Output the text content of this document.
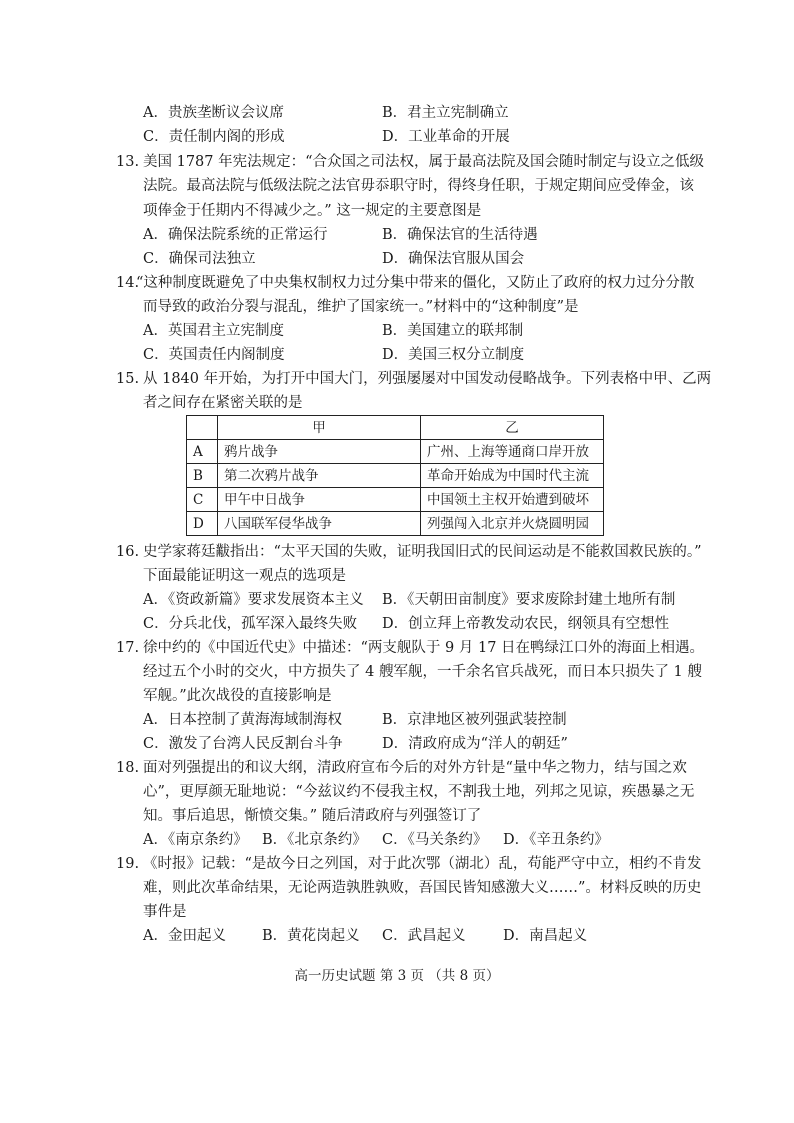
A．贵族垄断议会议席	B．君主立宪制确立
C．责任制内阁的形成	D．工业革命的开展
13. 美国 1787 年宪法规定：“合众国之司法权，属于最高法院及国会随时制定与设立之低级
法院。最高法院与低级法院之法官毋忝职守时，得终身任职，于规定期间应受俸金，该
项俸金于任期内不得减少之。” 这一规定的主要意图是
A．确保法院系统的正常运行	B．确保法官的生活待遇
C．确保司法独立	D．确保法官服从国会
14.
“这种制度既避免了中央集权制权力过分集中带来的僵化，又防止了政府的权力过分分散
而导致的政治分裂与混乱，维护了国家统一。”材料中的“这种制度”是
A．英国君主立宪制度	B．美国建立的联邦制
C．英国责任内阁制度	D．美国三权分立制度
15. 从 1840 年开始，为打开中国大门，列强屡屡对中国发动侵略战争。下列表格中甲、乙两
者之间存在紧密关联的是
	甲	乙
A	鸦片战争	广州、上海等通商口岸开放
B	第二次鸦片战争	革命开始成为中国时代主流
C	甲午中日战争	中国领土主权开始遭到破坏
D	八国联军侵华战争	列强闯入北京并火烧圆明园
16. 史学家蒋廷黻指出：“太平天国的失败，证明我国旧式的民间运动是不能救国救民族的。”
下面最能证明这一观点的选项是
A．《资政新篇》要求发展资本主义 B．《天朝田亩制度》要求废除封建土地所有制
C．分兵北伐，孤军深入最终失败 D．创立拜上帝教发动农民，纲领具有空想性
17. 徐中约的《中国近代史》中描述：“两支舰队于 9 月 17 日在鸭绿江口外的海面上相遇。
经过五个小时的交火，中方损失了 4 艘军舰，一千余名官兵战死，而日本只损失了 1 艘
军舰。”此次战役的直接影响是
A．日本控制了黄海海域制海权	B．京津地区被列强武装控制
C．激发了台湾人民反割台斗争	D．清政府成为“洋人的朝廷”
18. 面对列强提出的和议大纲，清政府宣布今后的对外方针是“量中华之物力，结与国之欢
心”，更厚颜无耻地说：“今兹议约不侵我主权，不割我土地，列邦之见谅，疾愚暴之无
知。事后追思，惭愤交集。” 随后清政府与列强签订了
A．《南京条约》 B．《北京条约》 C．《马关条约》 D．《辛丑条约》
19. 《时报》记载：“是故今日之列国，对于此次鄂（湖北）乱，苟能严守中立，相约不肯发
难，则此次革命结果，无论两造孰胜孰败，吾国民皆知感激大义……”。材料反映的历史
事件是
A．金田起义 B．黄花岗起义 C．武昌起义	D．南昌起义
高一历史试题 第 3 页 （共 8 页）
